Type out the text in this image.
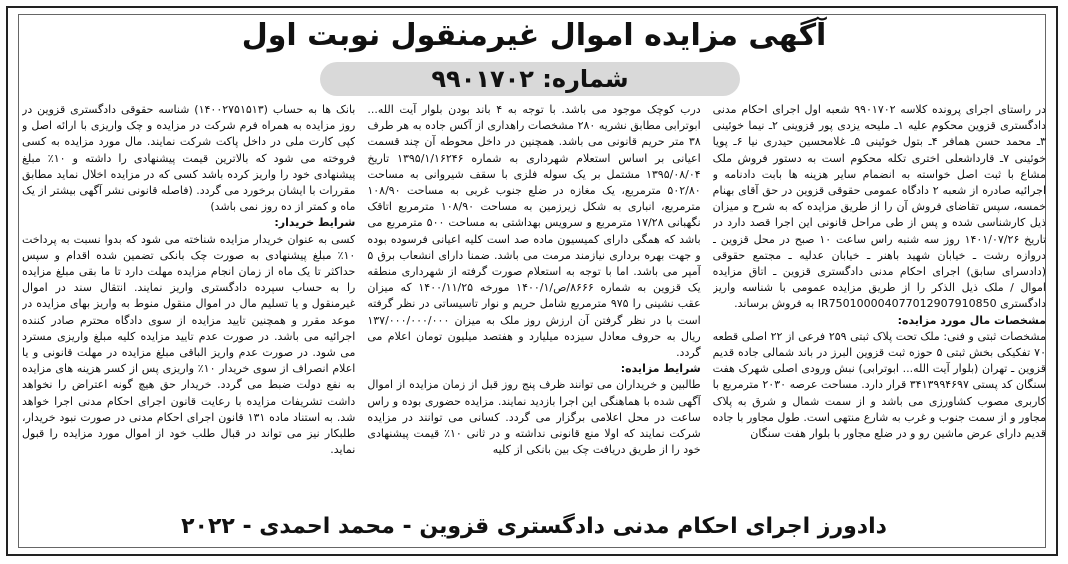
​
آگهی مزایده اموال غیرمنقول نوبت اول
شماره: ۹۹۰۱۷۰۲

در راستای اجرای پرونده کلاسه ۹۹۰۱۷۰۲ شعبه اول اجرای احکام مدنی دادگستری قزوین محکوم علیه ۱ـ ملیحه یزدی پور قزوینی ۲ـ نیما خوئینی ۳ـ محمد حسن همافر ۴ـ بتول خوئینی ۵ـ غلامحسین حیدری نیا ۶ـ پویا خوئینی ۷ـ قارداشعلی اختری تکله محکوم است به دستور فروش ملک مشاع با ثبت اصل خواسته به انضمام سایر هزینه ها بابت دادنامه و اجرائیه صادره از شعبه ۲ دادگاه عمومی حقوقی قزوین در حق آقای بهنام خمسه، سپس تقاضای فروش آن را از طریق مزایده که به شرح و میزان ذیل کارشناسی شده و پس از طی مراحل قانونی این اجرا قصد دارد در تاریخ ۱۴۰۱/۰۷/۲۶ روز سه شنبه راس ساعت ۱۰ صبح در محل قزوین ـ دروازه رشت ـ خیابان شهید باهنر ـ خیابان عدلیه ـ مجتمع حقوقی (دادسرای سابق) اجرای احکام مدنی دادگستری قزوین ـ اتاق مزایده اموال / ملک ذیل الذکر را از طریق مزایده عمومی با شناسه واریز دادگستری IR750100004077012907910850 به فروش برساند.

مشخصات مال مورد مزایده:

مشخصات ثبتی و فنی: ملک تحت پلاک ثبتی ۲۵۹ فرعی از ۲۲ اصلی قطعه ۷۰ تفکیکی بخش ثبتی ۵ حوزه ثبت قزوین البرز در باند شمالی جاده قدیم قزوین ـ تهران (بلوار آیت الله... ابوترابی) نبش ورودی اصلی شهرک هفت سنگان کد پستی ۳۴۱۳۹۹۴۶۹۷ قرار دارد. مساحت عرصه ۲۰۳۰ مترمربع با کاربری مصوب کشاورزی می باشد و از سمت شمال و شرق به پلاک مجاور و از سمت جنوب و غرب به شارع منتهی است. طول مجاور با جاده قدیم دارای عرض ماشین رو و در ضلع مجاور با بلوار هفت سنگان

درب کوچک موجود می باشد. با توجه به ۴ باند بودن بلوار آیت الله... ابوترابی مطابق نشریه ۲۸۰ مشخصات راهداری از آکس جاده به هر طرف ۳۸ متر حریم قانونی می باشد. همچنین در داخل محوطه آن چند قسمت اعیانی بر اساس استعلام شهرداری به شماره ۱۳۹۵/۱/۱۶۲۴۶ تاریخ ۱۳۹۵/۰۸/۰۴ مشتمل بر یک سوله فلزی با سقف شیروانی به مساحت ۵۰۲/۸۰ مترمربع، یک مغازه در ضلع جنوب غربی به مساحت ۱۰۸/۹۰ مترمربع، انباری به شکل زیرزمین به مساحت ۱۰۸/۹۰ مترمربع اتاقک نگهبانی ۱۷/۲۸ مترمربع و سرویس بهداشتی به مساحت ۵۰۰ مترمربع می باشد که همگی دارای کمیسیون ماده صد است کلیه اعیانی فرسوده بوده و جهت بهره برداری نیازمند مرمت می باشد. ضمنا دارای انشعاب برق ۵ آمپر می باشد. اما با توجه به استعلام صورت گرفته از شهرداری منطقه یک قزوین به شماره ۸۶۶۶/ص/۱۴۰۰/۱ مورخه ۱۴۰۰/۱۱/۲۵ که میزان عقب نشینی را ۹۷۵ مترمربع شامل حریم و نوار تاسیساتی در نظر گرفته است با در نظر گرفتن آن ارزش روز ملک به میزان ۱۳۷/۰۰۰/۰۰۰/۰۰۰ ریال به حروف معادل سیزده میلیارد و هفتصد میلیون تومان اعلام می گردد.

شرایط مزایده:

طالبین و خریداران می توانند ظرف پنج روز قبل از زمان مزایده از اموال آگهی شده با هماهنگی این اجرا بازدید نمایند. مزایده حضوری بوده و راس ساعت در محل اعلامی برگزار می گردد. کسانی می توانند در مزایده شرکت نمایند که اولا منع قانونی نداشته و در ثانی ۱۰٪ قیمت پیشنهادی خود را از طریق دریافت چک بین بانکی از کلیه

بانک ها به حساب (۱۴۰۰۲۷۵۱۵۱۳) شناسه حقوقی دادگستری قزوین در روز مزایده به همراه فرم شرکت در مزایده و چک واریزی با ارائه اصل و کپی کارت ملی در داخل پاکت شرکت نمایند. مال مورد مزایده به کسی فروخته می شود که بالاترین قیمت پیشنهادی را داشته و ۱۰٪ مبلغ پیشنهادی خود را واریز کرده باشد کسی که در مزایده اخلال نماید مطابق مقررات با ایشان برخورد می گردد. (فاصله قانونی نشر آگهی بیشتر از یک ماه و کمتر از ده روز نمی باشد)

شرایط خریدار:

کسی به عنوان خریدار مزایده شناخته می شود که بدوا نسبت به پرداخت ۱۰٪ مبلغ پیشنهادی به صورت چک بانکی تضمین شده اقدام و سپس حداکثر تا یک ماه از زمان انجام مزایده مهلت دارد تا ما بقی مبلغ مزایده را به حساب سپرده دادگستری واریز نمایند. انتقال سند در اموال غیرمنقول و یا تسلیم مال در اموال منقول منوط به واریز بهای مزایده در موعد مقرر و همچنین تایید مزایده از سوی دادگاه محترم صادر کننده اجرائیه می باشد. در صورت عدم تایید مزایده کلیه مبلغ واریزی مسترد می شود. در صورت عدم واریز الباقی مبلغ مزایده در مهلت قانونی و یا اعلام انصراف از سوی خریدار ۱۰٪ واریزی پس از کسر هزینه های مزایده به نفع دولت ضبط می گردد. خریدار حق هیچ گونه اعتراض را نخواهد داشت تشریفات مزایده با رعایت قانون اجرای احکام مدنی اجرا خواهد شد. به استناد ماده ۱۳۱ قانون اجرای احکام مدنی در صورت نبود خریدار، طلبکار نیز می تواند در قبال طلب خود از اموال مورد مزایده را قبول نماید.

دادورز اجرای احکام مدنی دادگستری قزوین - محمد احمدی - ۲۰۲۲
